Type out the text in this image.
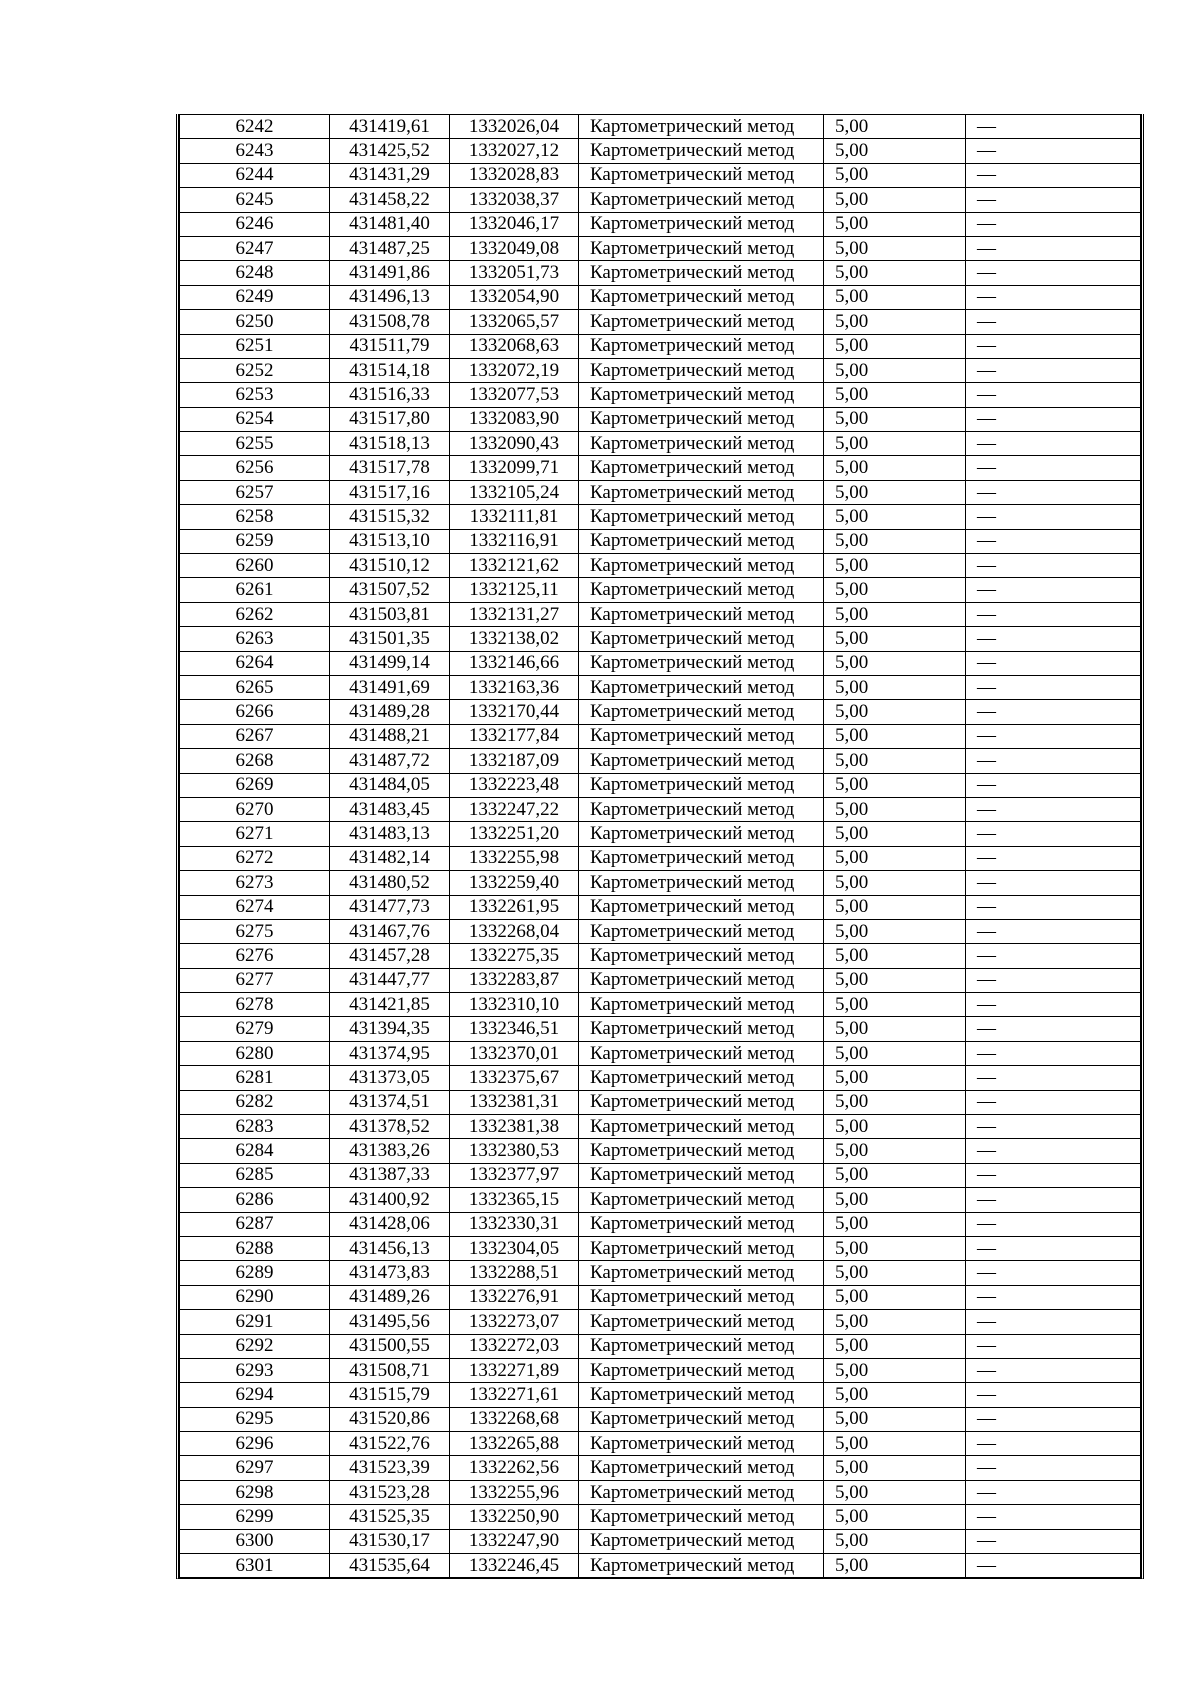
6242	431419,61	1332026,04	Картометрический метод	5,00	—
6243	431425,52	1332027,12	Картометрический метод	5,00	—
6244	431431,29	1332028,83	Картометрический метод	5,00	—
6245	431458,22	1332038,37	Картометрический метод	5,00	—
6246	431481,40	1332046,17	Картометрический метод	5,00	—
6247	431487,25	1332049,08	Картометрический метод	5,00	—
6248	431491,86	1332051,73	Картометрический метод	5,00	—
6249	431496,13	1332054,90	Картометрический метод	5,00	—
6250	431508,78	1332065,57	Картометрический метод	5,00	—
6251	431511,79	1332068,63	Картометрический метод	5,00	—
6252	431514,18	1332072,19	Картометрический метод	5,00	—
6253	431516,33	1332077,53	Картометрический метод	5,00	—
6254	431517,80	1332083,90	Картометрический метод	5,00	—
6255	431518,13	1332090,43	Картометрический метод	5,00	—
6256	431517,78	1332099,71	Картометрический метод	5,00	—
6257	431517,16	1332105,24	Картометрический метод	5,00	—
6258	431515,32	1332111,81	Картометрический метод	5,00	—
6259	431513,10	1332116,91	Картометрический метод	5,00	—
6260	431510,12	1332121,62	Картометрический метод	5,00	—
6261	431507,52	1332125,11	Картометрический метод	5,00	—
6262	431503,81	1332131,27	Картометрический метод	5,00	—
6263	431501,35	1332138,02	Картометрический метод	5,00	—
6264	431499,14	1332146,66	Картометрический метод	5,00	—
6265	431491,69	1332163,36	Картометрический метод	5,00	—
6266	431489,28	1332170,44	Картометрический метод	5,00	—
6267	431488,21	1332177,84	Картометрический метод	5,00	—
6268	431487,72	1332187,09	Картометрический метод	5,00	—
6269	431484,05	1332223,48	Картометрический метод	5,00	—
6270	431483,45	1332247,22	Картометрический метод	5,00	—
6271	431483,13	1332251,20	Картометрический метод	5,00	—
6272	431482,14	1332255,98	Картометрический метод	5,00	—
6273	431480,52	1332259,40	Картометрический метод	5,00	—
6274	431477,73	1332261,95	Картометрический метод	5,00	—
6275	431467,76	1332268,04	Картометрический метод	5,00	—
6276	431457,28	1332275,35	Картометрический метод	5,00	—
6277	431447,77	1332283,87	Картометрический метод	5,00	—
6278	431421,85	1332310,10	Картометрический метод	5,00	—
6279	431394,35	1332346,51	Картометрический метод	5,00	—
6280	431374,95	1332370,01	Картометрический метод	5,00	—
6281	431373,05	1332375,67	Картометрический метод	5,00	—
6282	431374,51	1332381,31	Картометрический метод	5,00	—
6283	431378,52	1332381,38	Картометрический метод	5,00	—
6284	431383,26	1332380,53	Картометрический метод	5,00	—
6285	431387,33	1332377,97	Картометрический метод	5,00	—
6286	431400,92	1332365,15	Картометрический метод	5,00	—
6287	431428,06	1332330,31	Картометрический метод	5,00	—
6288	431456,13	1332304,05	Картометрический метод	5,00	—
6289	431473,83	1332288,51	Картометрический метод	5,00	—
6290	431489,26	1332276,91	Картометрический метод	5,00	—
6291	431495,56	1332273,07	Картометрический метод	5,00	—
6292	431500,55	1332272,03	Картометрический метод	5,00	—
6293	431508,71	1332271,89	Картометрический метод	5,00	—
6294	431515,79	1332271,61	Картометрический метод	5,00	—
6295	431520,86	1332268,68	Картометрический метод	5,00	—
6296	431522,76	1332265,88	Картометрический метод	5,00	—
6297	431523,39	1332262,56	Картометрический метод	5,00	—
6298	431523,28	1332255,96	Картометрический метод	5,00	—
6299	431525,35	1332250,90	Картометрический метод	5,00	—
6300	431530,17	1332247,90	Картометрический метод	5,00	—
6301	431535,64	1332246,45	Картометрический метод	5,00	—
